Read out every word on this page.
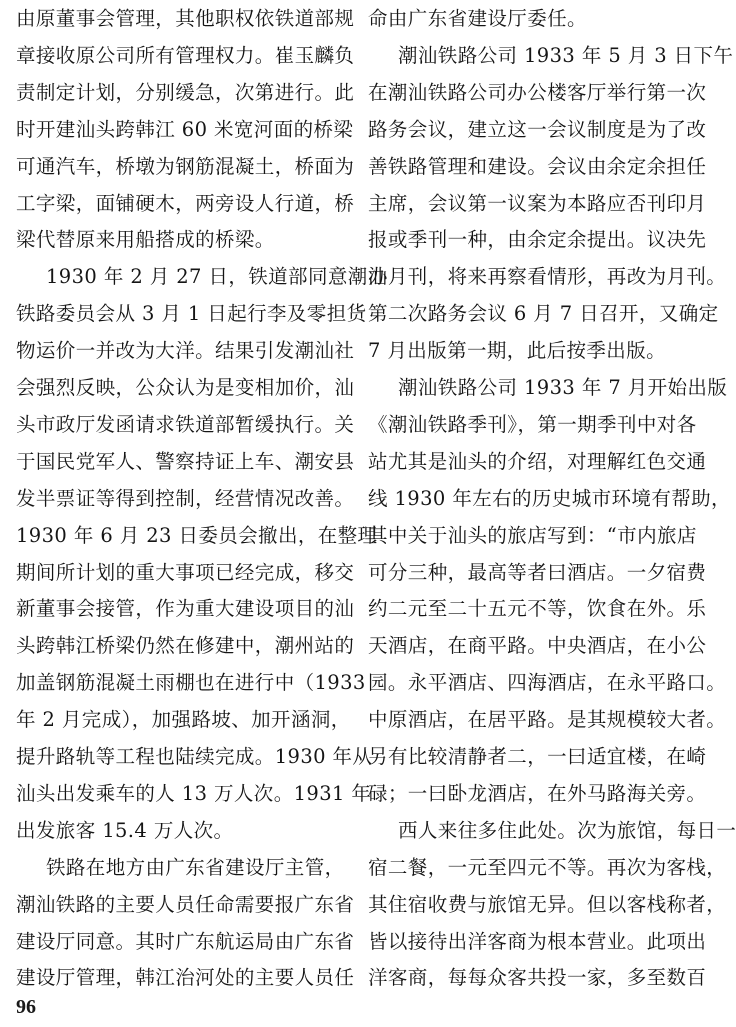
由原董事会管理，其他职权依铁道部规
章接收原公司所有管理权力。崔玉麟负
责制定计划，分别缓急，次第进行。此
时开建汕头跨韩江 60 米宽河面的桥梁
可通汽车，桥墩为钢筋混凝土，桥面为
工字梁，面铺硬木，两旁设人行道，桥
梁代替原来用船搭成的桥梁。
1930 年 2 月 27 日，铁道部同意潮汕
铁路委员会从 3 月 1 日起行李及零担货
物运价一并改为大洋。结果引发潮汕社
会强烈反映，公众认为是变相加价，汕
头市政厅发函请求铁道部暂缓执行。关
于国民党军人、警察持证上车、潮安县
发半票证等得到控制，经营情况改善。
1930 年 6 月 23 日委员会撤出，在整理
期间所计划的重大事项已经完成，移交
新董事会接管，作为重大建设项目的汕
头跨韩江桥梁仍然在修建中，潮州站的
加盖钢筋混凝土雨棚也在进行中（1933
年 2 月完成），加强路坡、加开涵洞，
提升路轨等工程也陆续完成。1930 年从
汕头出发乘车的人 13 万人次。1931 年
出发旅客 15.4 万人次。
铁路在地方由广东省建设厅主管，
潮汕铁路的主要人员任命需要报广东省
建设厅同意。其时广东航运局由广东省
建设厅管理，韩江治河处的主要人员任
命由广东省建设厅委任。
潮汕铁路公司 1933 年 5 月 3 日下午
在潮汕铁路公司办公楼客厅举行第一次
路务会议，建立这一会议制度是为了改
善铁路管理和建设。会议由余定余担任
主席，会议第一议案为本路应否刊印月
报或季刊一种，由余定余提出。议决先
办月刊，将来再察看情形，再改为月刊。
第二次路务会议 6 月 7 日召开，又确定
7 月出版第一期，此后按季出版。
潮汕铁路公司 1933 年 7 月开始出版
《潮汕铁路季刊》，第一期季刊中对各
站尤其是汕头的介绍，对理解红色交通
线 1930 年左右的历史城市环境有帮助，
其中关于汕头的旅店写到：“市内旅店
可分三种，最高等者曰酒店。一夕宿费
约二元至二十五元不等，饮食在外。乐
天酒店，在商平路。中央酒店，在小公
园。永平酒店、四海酒店，在永平路口。
中原酒店，在居平路。是其规模较大者。
另有比较清静者二，一曰适宜楼，在崎
碌；一曰卧龙酒店，在外马路海关旁。
西人来往多住此处。次为旅馆，每日一
宿二餐，一元至四元不等。再次为客栈，
其住宿收费与旅馆无异。但以客栈称者，
皆以接待出洋客商为根本营业。此项出
洋客商，每每众客共投一家，多至数百
96
